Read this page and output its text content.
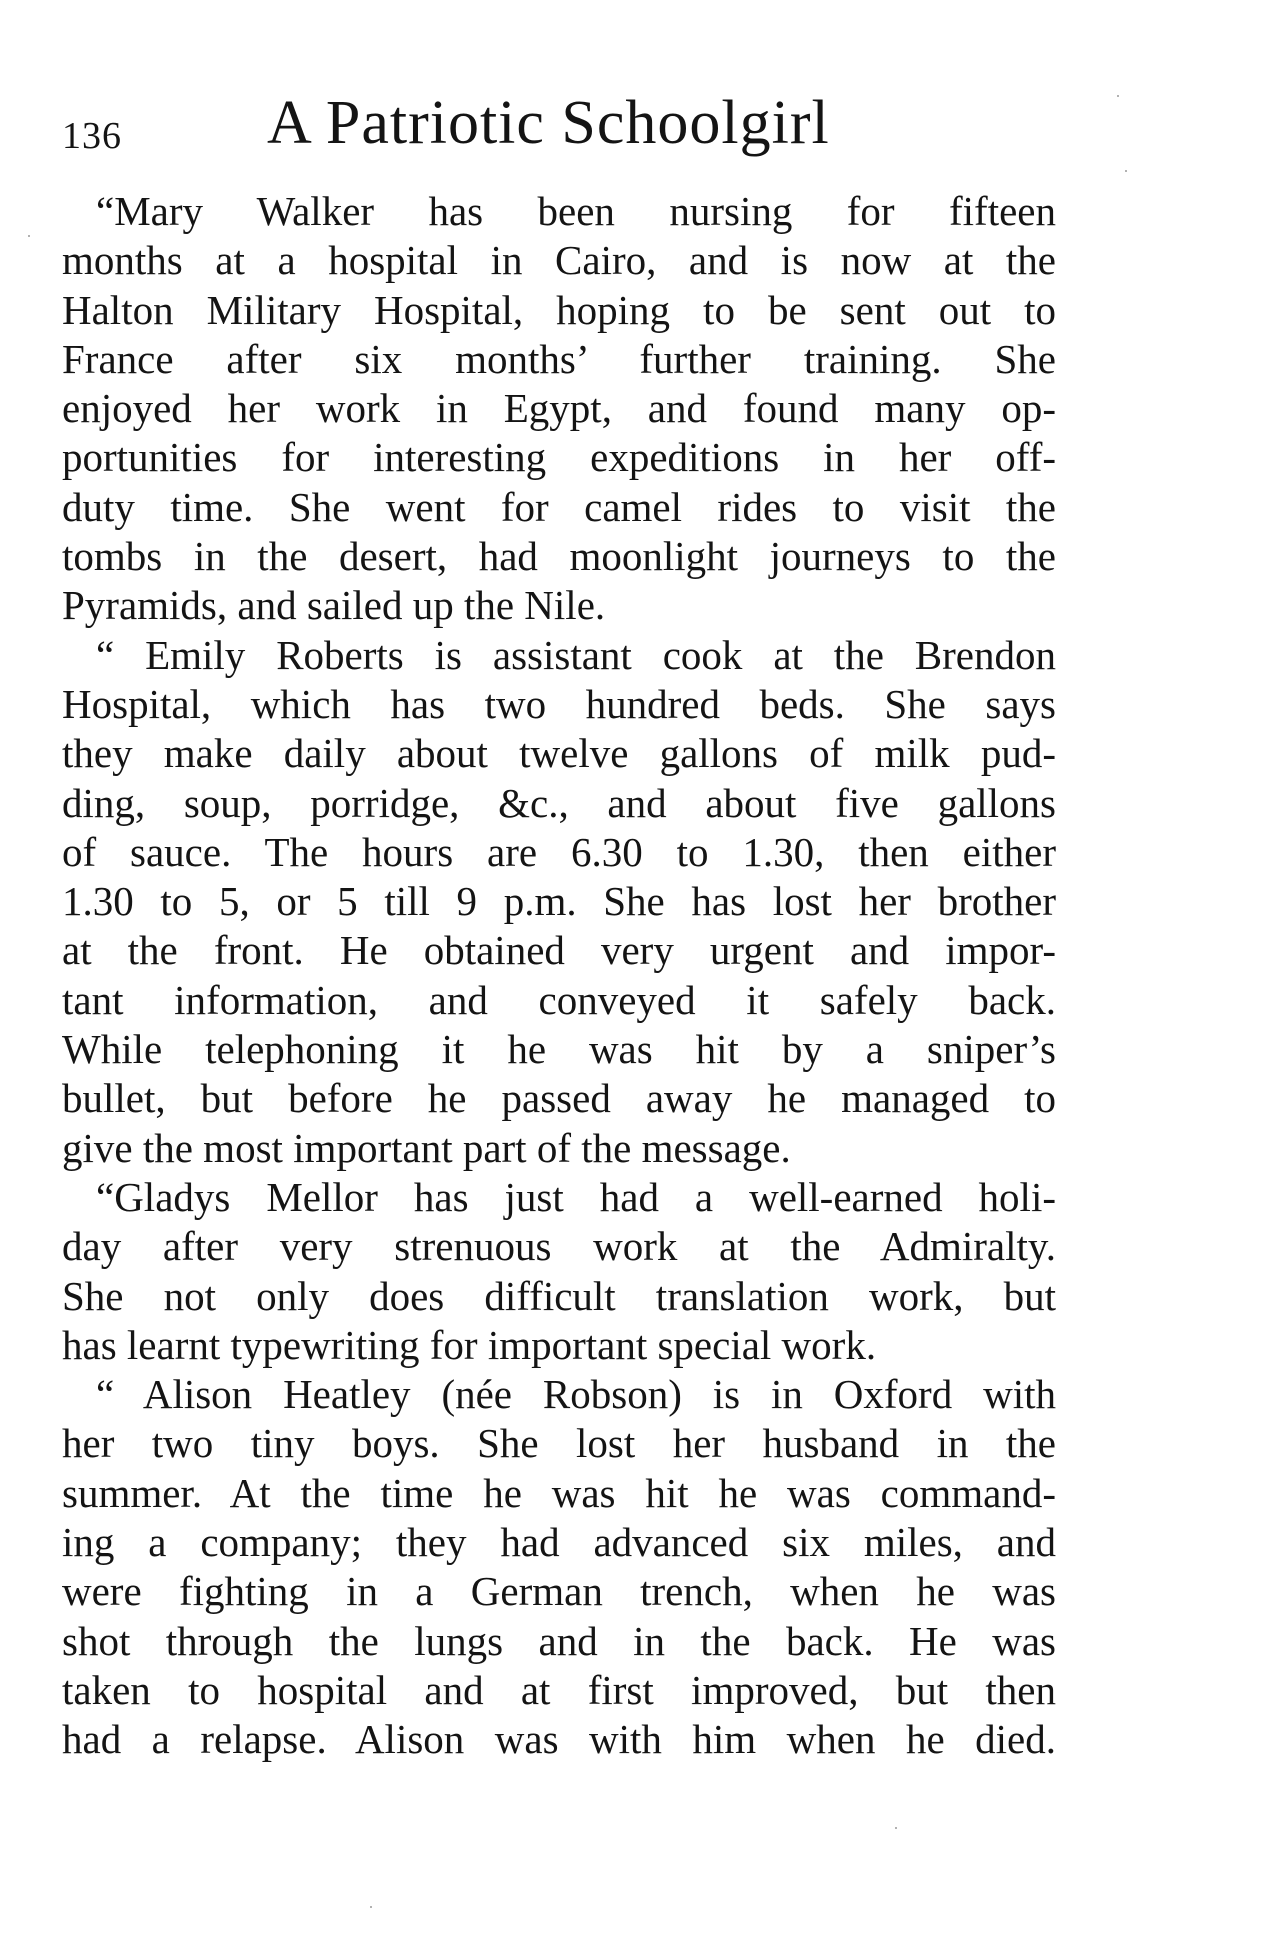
136 A Patriotic Schoolgirl
“Mary Walker has been nursing for fifteen
months at a hospital in Cairo, and is now at the
Halton Military Hospital, hoping to be sent out to
France after six months’ further training. She
enjoyed her work in Egypt, and found many op-
portunities for interesting expeditions in her off-
duty time. She went for camel rides to visit the
tombs in the desert, had moonlight journeys to the
Pyramids, and sailed up the Nile.
“ Emily Roberts is assistant cook at the Brendon
Hospital, which has two hundred beds. She says
they make daily about twelve gallons of milk pud-
ding, soup, porridge, &c., and about five gallons
of sauce. The hours are 6.30 to 1.30, then either
1.30 to 5, or 5 till 9 p.m. She has lost her brother
at the front. He obtained very urgent and impor-
tant information, and conveyed it safely back.
While telephoning it he was hit by a sniper’s
bullet, but before he passed away he managed to
give the most important part of the message.
“Gladys Mellor has just had a well-earned holi-
day after very strenuous work at the Admiralty.
She not only does difficult translation work, but
has learnt typewriting for important special work.
“ Alison Heatley (née Robson) is in Oxford with
her two tiny boys. She lost her husband in the
summer. At the time he was hit he was command-
ing a company; they had advanced six miles, and
were fighting in a German trench, when he was
shot through the lungs and in the back. He was
taken to hospital and at first improved, but then
had a relapse. Alison was with him when he died.
